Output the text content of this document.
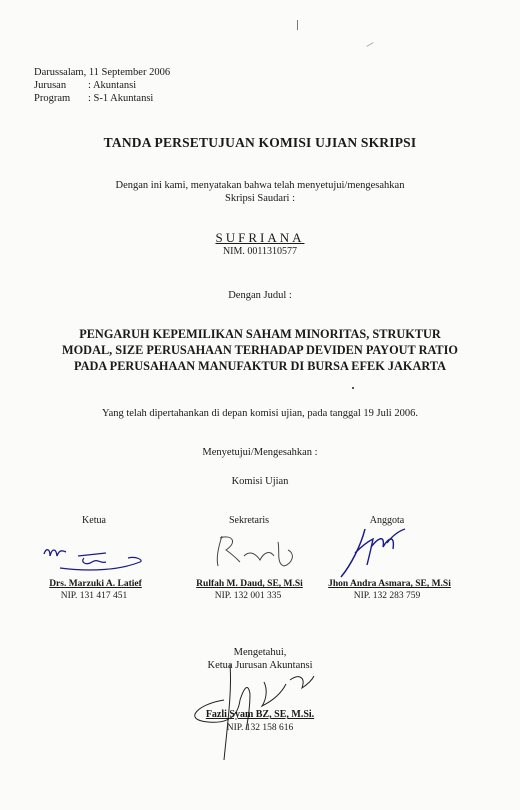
Darussalam, 11 September 2006
Jurusan : Akuntansi
Program : S-1 Akuntansi
TANDA PERSETUJUAN KOMISI UJIAN SKRIPSI
Dengan ini kami, menyatakan bahwa telah menyetujui/mengesahkan
Skripsi Saudari :
SUFRIANA
NIM. 0011310577
Dengan Judul :
PENGARUH KEPEMILIKAN SAHAM MINORITAS, STRUKTUR
MODAL, SIZE PERUSAHAAN TERHADAP DEVIDEN PAYOUT RATIO
PADA PERUSAHAAN MANUFAKTUR DI BURSA EFEK JAKARTA
Yang telah dipertahankan di depan komisi ujian, pada tanggal 19 Juli 2006.
Menyetujui/Mengesahkan :
Komisi Ujian
Ketua	Sekretaris	Anggota
Drs. Marzuki A. Latief	Rulfah M. Daud, SE, M.Si	Jhon Andra Asmara, SE, M.Si
NIP. 131 417 451	NIP. 132 001 335	NIP. 132 283 759
Mengetahui,
Ketua Jurusan Akuntansi
Fazli Syam BZ, SE, M.Si.
NIP. 132 158 616
